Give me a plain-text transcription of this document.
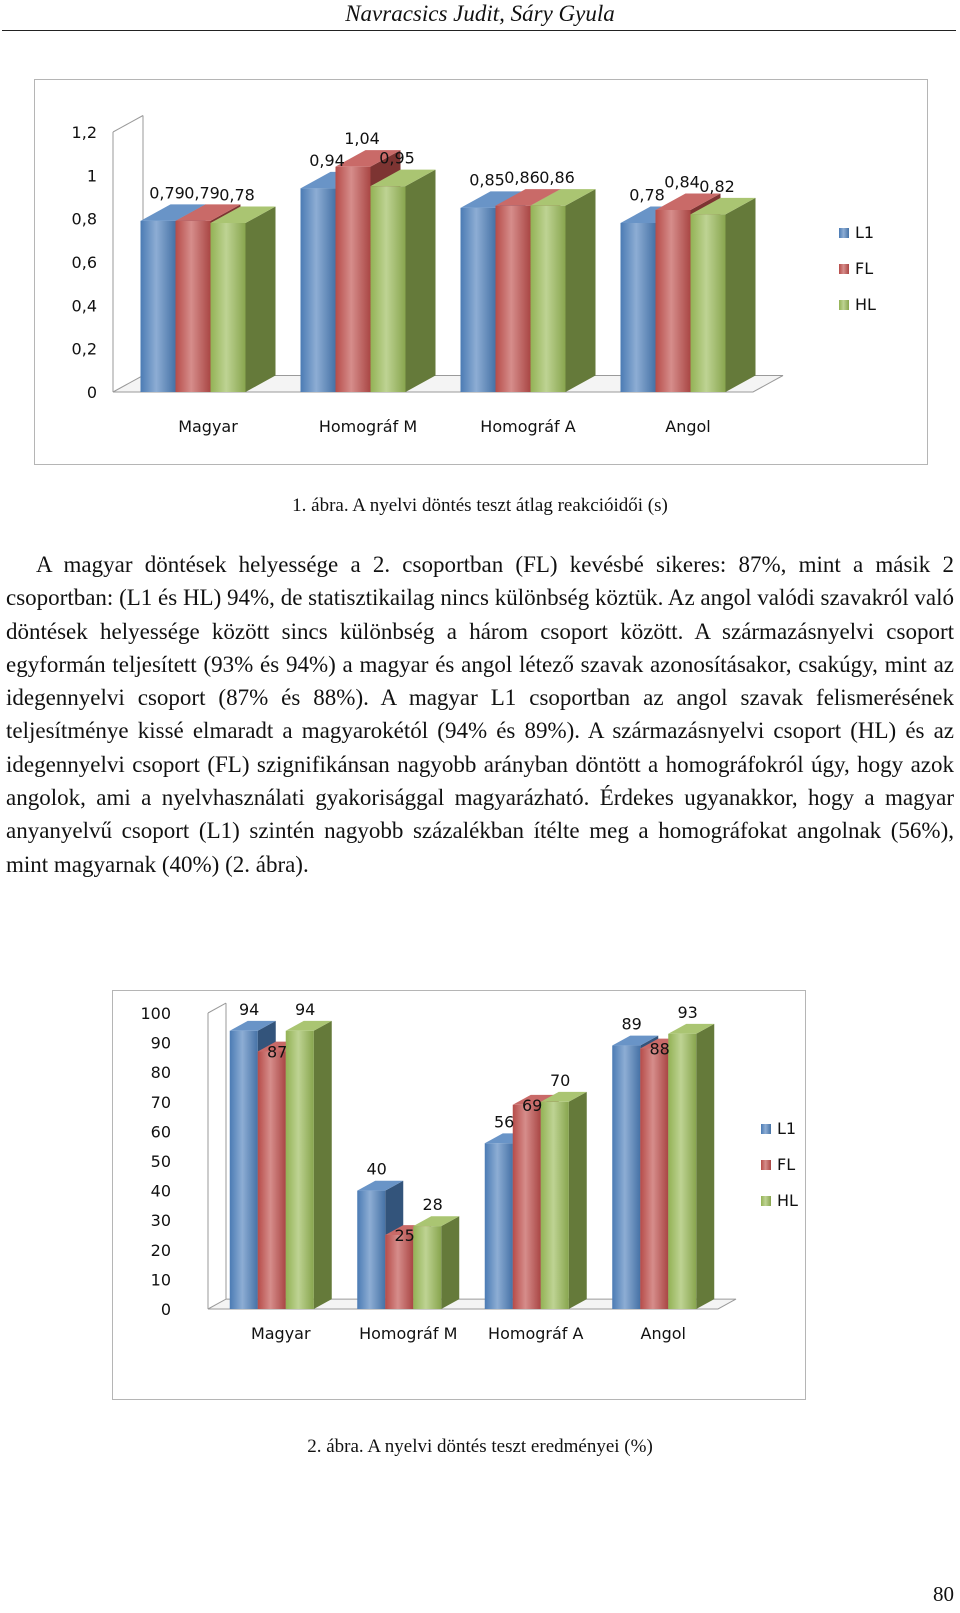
Navracsics Judit, Sáry Gyula
0
0,2
0,4
0,6
0,8
1
1,2
0,79 0,79 0,78
Magyar
0,94
1,04
0,95
Homográf M
0,85 0,86 0,86
Homográf A
0,78
0,84 0,82
Angol
L1
FL
HL
1. ábra. A nyelvi döntés teszt átlag reakcióidői (s)

A magyar döntések helyessége a 2. csoportban (FL) kevésbé sikeres: 87%, mint a másik 2 csoportban: (L1 és HL) 94%, de statisztikailag nincs különbség köztük. Az angol valódi szavakról való döntések helyessége között sincs különbség a három csoport között. A származásnyelvi csoport egyformán teljesített (93% és 94%) a magyar és angol létező szavak azonosításakor, csakúgy, mint az idegennyelvi csoport (87% és 88%). A magyar L1 csoportban az angol szavak felismerésének teljesítménye kissé elmaradt a magyarokétól (94% és 89%). A származásnyelvi csoport (HL) és az idegennyelvi csoport (FL) szignifikánsan nagyobb arányban döntött a homográfokról úgy, hogy azok angolok, ami a nyelvhasználati gyakorisággal magyarázható. Érdekes ugyanakkor, hogy a magyar anyanyelvű csoport (L1) szintén nagyobb százalékban ítélte meg a homográfokat angolnak (56%), mint magyarnak (40%) (2. ábra).

0
10
20
30
40
50
60
70
80
90
100	94
87
94
Magyar
40
25
28
Homográf M
56
69
70
Homográf A
89
88
93
Angol
L1
FL
HL
2. ábra. A nyelvi döntés teszt eredményei (%)
80
